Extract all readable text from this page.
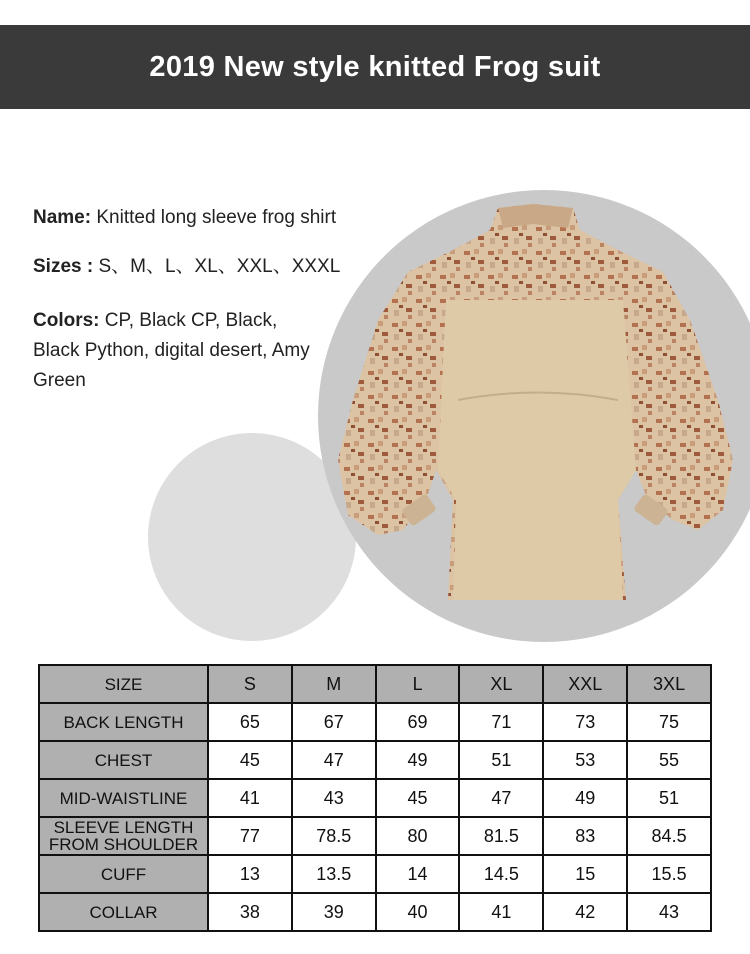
2019 New style knitted Frog suit
Name: Knitted long sleeve frog shirt
Sizes : S、M、L、XL、XXL、XXXL
Colors: CP, Black CP, Black, Black Python, digital desert, Amy Green
SIZE	S	M	L	XL	XXL	3XL
BACK LENGTH	65	67	69	71	73	75
CHEST	45	47	49	51	53	55
MID-WAISTLINE	41	43	45	47	49	51
SLEEVE LENGTH FROM SHOULDER	77	78.5	80	81.5	83	84.5
CUFF	13	13.5	14	14.5	15	15.5
COLLAR	38	39	40	41	42	43
